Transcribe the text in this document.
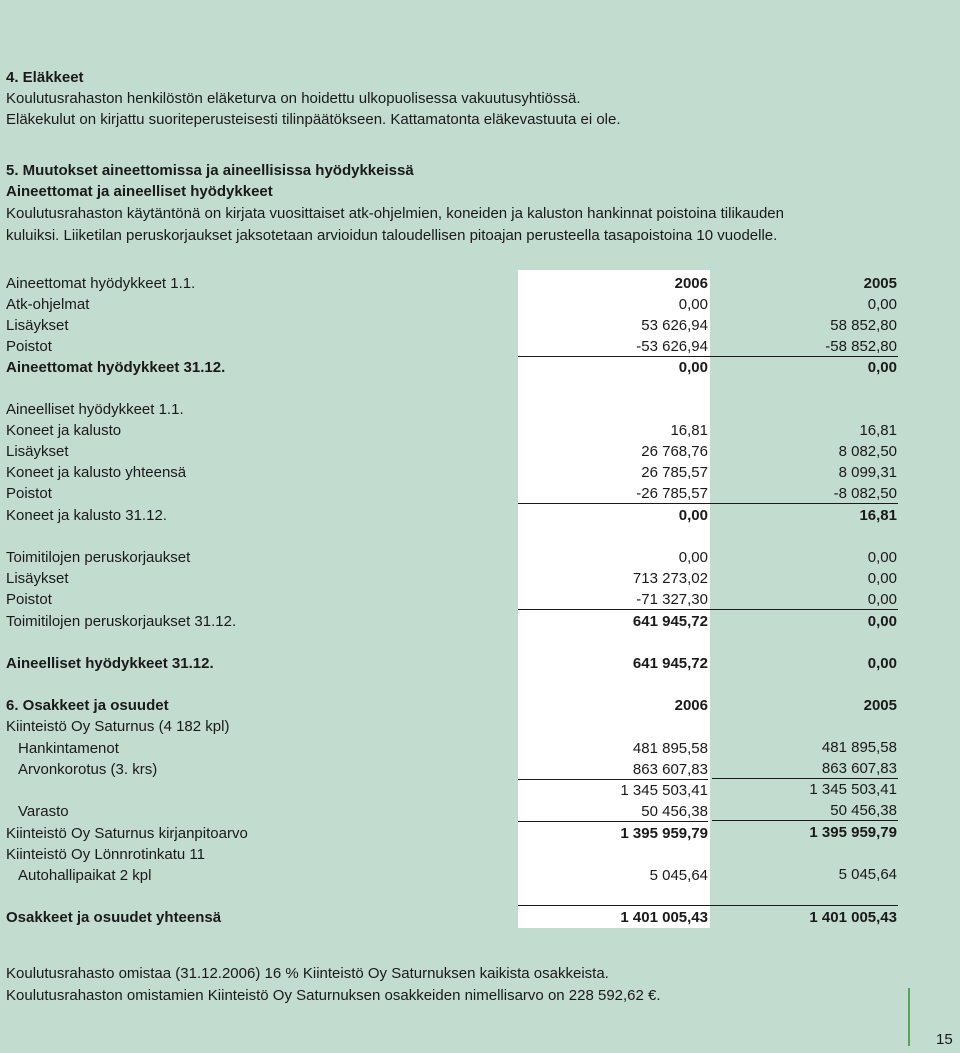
4. Eläkkeet
Koulutusrahaston henkilöstön eläketurva on hoidettu ulkopuolisessa vakuutusyhtiössä.
Eläkekulut on kirjattu suoriteperusteisesti tilinpäätökseen. Kattamatonta eläkevastuuta ei ole.
5. Muutokset aineettomissa ja aineellisissa hyödykkeissä
Aineettomat ja aineelliset hyödykkeet
Koulutusrahaston käytäntönä on kirjata vuosittaiset atk-ohjelmien, koneiden ja kaluston hankinnat poistoina tilikauden
kuluiksi. Liiketilan peruskorjaukset jaksotetaan arvioidun taloudellisen pitoajan perusteella tasapoistoina 10 vuodelle.
Aineettomat hyödykkeet 1.1.	2006	2005
Atk-ohjelmat	0,00	0,00
Lisäykset	53 626,94	58 852,80
Poistot	-53 626,94	-58 852,80
Aineettomat hyödykkeet 31.12.	0,00	0,00
Aineelliset hyödykkeet 1.1.
Koneet ja kalusto	16,81	16,81
Lisäykset	26 768,76	8 082,50
Koneet ja kalusto yhteensä	26 785,57	8 099,31
Poistot	-26 785,57	-8 082,50
Koneet ja kalusto 31.12.	0,00	16,81
Toimitilojen peruskorjaukset	0,00	0,00
Lisäykset	713 273,02	0,00
Poistot	-71 327,30	0,00
Toimitilojen peruskorjaukset 31.12.	641 945,72	0,00
Aineelliset hyödykkeet 31.12.	641 945,72	0,00
6. Osakkeet ja osuudet	2006	2005
Kiinteistö Oy Saturnus (4 182 kpl)
Hankintamenot	481 895,58	481 895,58
Arvonkorotus (3. krs)	863 607,83	863 607,83
1 345 503,41	1 345 503,41
Varasto	50 456,38	50 456,38
Kiinteistö Oy Saturnus kirjanpitoarvo	1 395 959,79	1 395 959,79
Kiinteistö Oy Lönnrotinkatu 11
Autohallipaikat 2 kpl	5 045,64	5 045,64
Osakkeet ja osuudet yhteensä	1 401 005,43	1 401 005,43
Koulutusrahasto omistaa (31.12.2006) 16 % Kiinteistö Oy Saturnuksen kaikista osakkeista.
Koulutusrahaston omistamien Kiinteistö Oy Saturnuksen osakkeiden nimellisarvo on 228 592,62 €.
15
